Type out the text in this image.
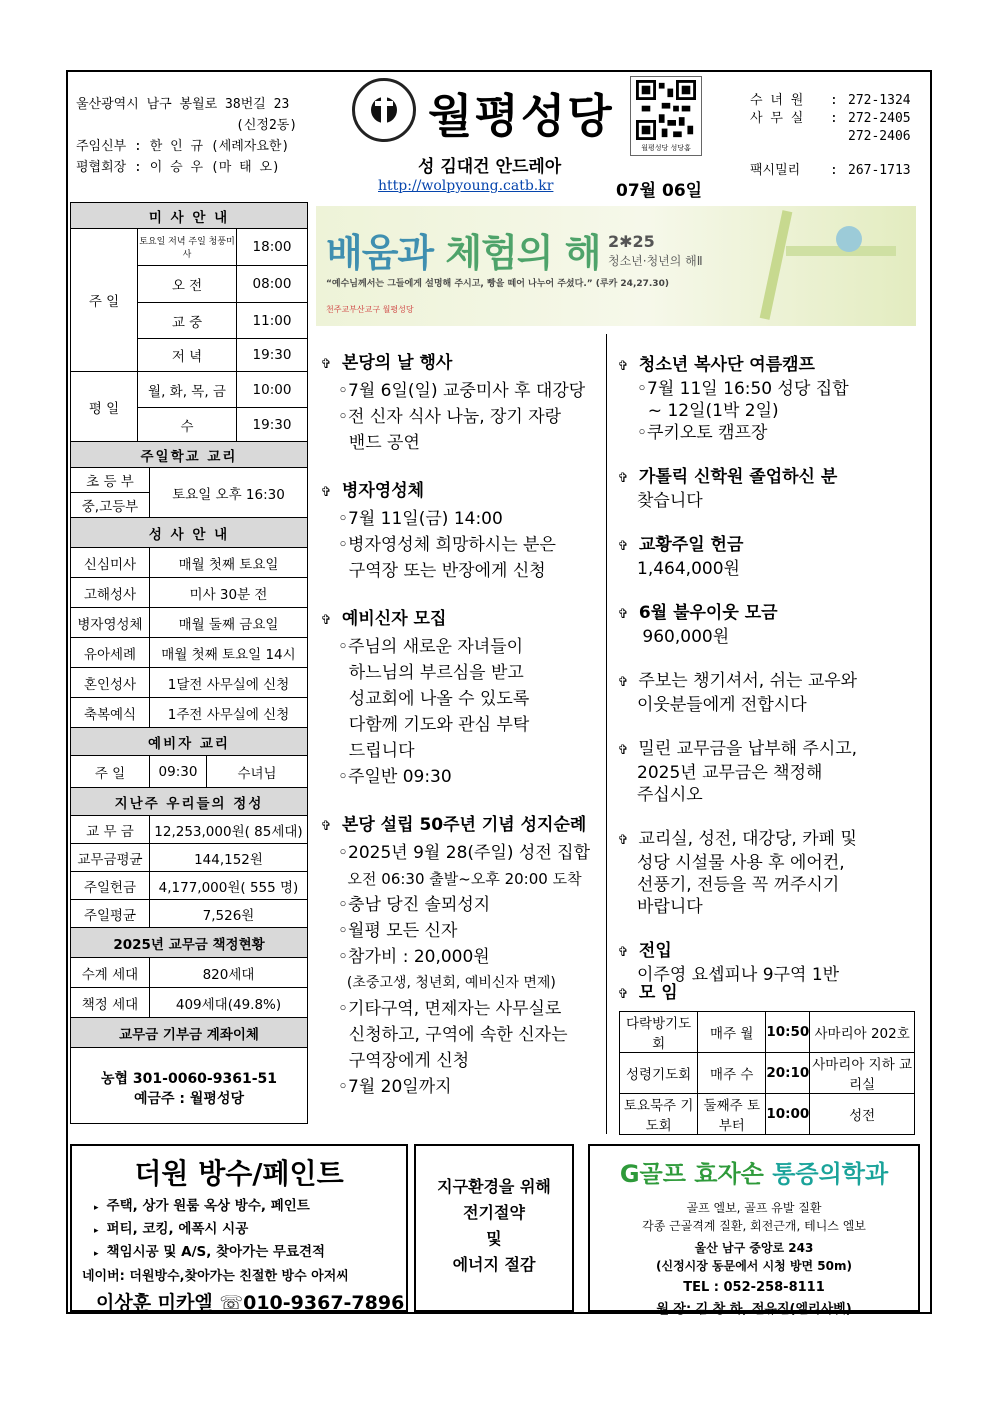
울산광역시 남구 봉월로 38번길 23
(신정2동)
주임신부 : 한 인 규 (세례자요한)
평협회장 : 이 승 우 (마 태 오)
월평성당
성 김대건 안드레아
http://wolpyoung.catb.kr	07월 06일
월평성당 성당홈
수 녀 원 : 272-1324
사 무 실 : 272-2405
272-2406
팩시밀리 : 267-1713
미 사 안 내		
주 일	토요일 저녁 주일 청풍미사	18:00
	오 전	08:00
	교 중	11:00
	저 녁	19:30
평 일	월, 화, 목, 금	10:00
	수	19:30
주일학교 교리
초 등 부	토요일 오후 16:30
중,고등부
성 사 안 내	
신심미사	매월 첫째 토요일
고해성사	미사 30분 전
병자영성체	매월 둘째 금요일
유아세례	매월 첫째 토요일 14시
혼인성사	1달전 사무실에 신청
축복예식	1주전 사무실에 신청
예비자 교리
주 일	09:30	수녀님
지난주 우리들의 정성	
교 무 금	12,253,000원( 85세대)
교무금평균	144,152원
주일헌금	4,177,000원( 555 명)
주일평균	7,526원
2025년 교무금 책정현황	
수계 세대	820세대
책정 세대	409세대(49.8%)
교무금 기부금 계좌이체

농협 301-0060-9361-51
예금주 : 월평성당
배움과 체험의 해 2✱25
청소년·청년의 해Ⅱ
“예수님께서는 그들에게 설명해 주시고, 빵을 떼어 나누어 주셨다.” (루카 24,27.30)
천주교부산교구 월평성당
✞ 본당의 날 행사
◦7월 6일(일) 교중미사 후 대강당
◦전 신자 식사 나눔, 장기 자랑
밴드 공연
✞ 병자영성체
◦7월 11일(금) 14:00
◦병자영성체 희망하시는 분은
구역장 또는 반장에게 신청
✞ 예비신자 모집
◦주님의 새로운 자녀들이
하느님의 부르심을 받고
성교회에 나올 수 있도록
다함께 기도와 관심 부탁
드립니다
◦주일반 09:30
✞ 본당 설립 50주년 기념 성지순례
◦2025년 9월 28(주일) 성전 집합
오전 06:30 출발~오후 20:00 도착
◦충남 당진 솔뫼성지
◦월평 모든 신자
◦참가비 : 20,000원
(초중고생, 청년회, 예비신자 면제)
◦기타구역, 면제자는 사무실로
신청하고, 구역에 속한 신자는
구역장에게 신청
◦7월 20일까지
✞ 청소년 복사단 여름캠프
◦7월 11일 16:50 성당 집합
~ 12일(1박 2일)
◦쿠키오토 캠프장
✞ 가톨릭 신학원 졸업하신 분
찾습니다
✞ 교황주일 헌금
1,464,000원
✞ 6월 불우이웃 모금
960,000원
✞ 주보는 챙기셔서, 쉬는 교우와
이웃분들에게 전합시다
✞ 밀린 교무금을 납부해 주시고,
2025년 교무금은 책정해
주십시오
✞ 교리실, 성전, 대강당, 카페 및
성당 시설물 사용 후 에어컨,
선풍기, 전등을 꼭 꺼주시기
바랍니다
✞ 전입
이주영 요셉피나 9구역 1반
✞ 모 임
다락방기도회	매주 월	10:50	사마리아 202호
성령기도회	매주 수	20:10	사마리아 지하 교리실
토요묵주 기도회	둘째주 토부터	10:00	성전
더원 방수/페인트
▸ 주택, 상가 원룸 옥상 방수, 페인트
▸ 퍼티, 코킹, 에폭시 시공
▸ 책임시공 및 A/S, 찾아가는 무료견적
네이버: 더원방수,찾아가는 친절한 방수 아저씨
이상훈 미카엘 ☏010-9367-7896
지구환경을 위해
전기절약
및
에너지 절감
G골프 효자손 통증의학과
골프 엘보, 골프 유발 질환
각종 근골격계 질환, 회전근개, 테니스 엘보
울산 남구 중앙로 243
(신정시장 동문에서 시청 방면 50m)
TEL : 052-258-8111
원 장: 김 창 하, 전유진(엘리사벳)
